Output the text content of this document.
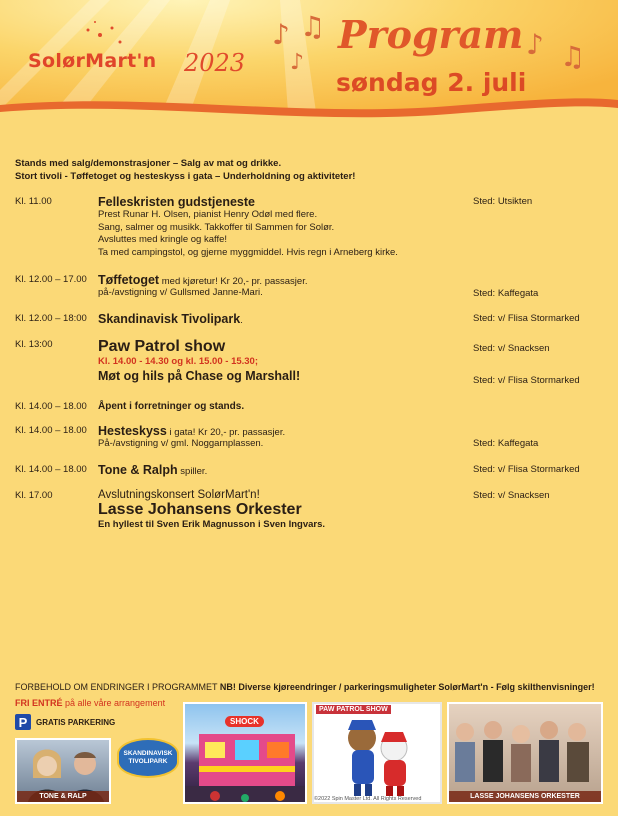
SolørMart'n 2023
♪ ♫
♪
♪ ♫
Program
søndag 2. juli
Stands med salg/demonstrasjoner – Salg av mat og drikke.
Stort tivoli - Tøffetoget og hesteskyss i gata – Underholdning og aktiviteter!
Kl. 11.00	Felleskristen gudstjeneste
Prest Runar H. Olsen, pianist Henry Odøl med flere.
Sang, salmer og musikk. Takkoffer til Sammen for Solør.
Avsluttes med kringle og kaffe!
Ta med campingstol, og gjerne myggmiddel. Hvis regn i Arneberg kirke.
Sted: Utsikten
Kl. 12.00 – 17.00 Tøffetoget med kjøretur! Kr 20,- pr. passasjer.
på-/avstigning v/ Gullsmed Janne-Mari.	Sted: Kaffegata
Kl. 12.00 – 18:00 Skandinavisk Tivolipark.	Sted: v/ Flisa Stormarked
Kl. 13:00	Paw Patrol show
Kl. 14.00 - 14.30 og kl. 15.00 - 15.30;
Møt og hils på Chase og Marshall!
Sted: v/ Snacksen
Sted: v/ Flisa Stormarked
Kl. 14.00 – 18.00	Åpent i forretninger og stands.
Kl. 14.00 – 18.00 Hesteskyss i gata! Kr 20,- pr. passasjer.
På-/avstigning v/ gml. Noggarnplassen.	Sted: Kaffegata
Kl. 14.00 – 18.00 Tone & Ralph spiller.	Sted: v/ Flisa Stormarked
Kl. 17.00	Avslutningskonsert SolørMart'n!
Lasse Johansens Orkester
En hyllest til Sven Erik Magnusson i Sven Ingvars.
Sted: v/ Snacksen
FORBEHOLD OM ENDRINGER I PROGRAMMET NB! Diverse kjøreendringer / parkeringsmuligheter SolørMart'n - Følg skilthenvisninger!
FRI ENTRÉ på alle våre arrangement
P	GRATIS PARKERING
TONE & RALP
SKANDINAVISK TIVOLIPARK
SHOCK
PAW PATROL SHOW
©2022 Spin Master Ltd. All Rights Reserved	LASSE JOHANSENS ORKESTER
